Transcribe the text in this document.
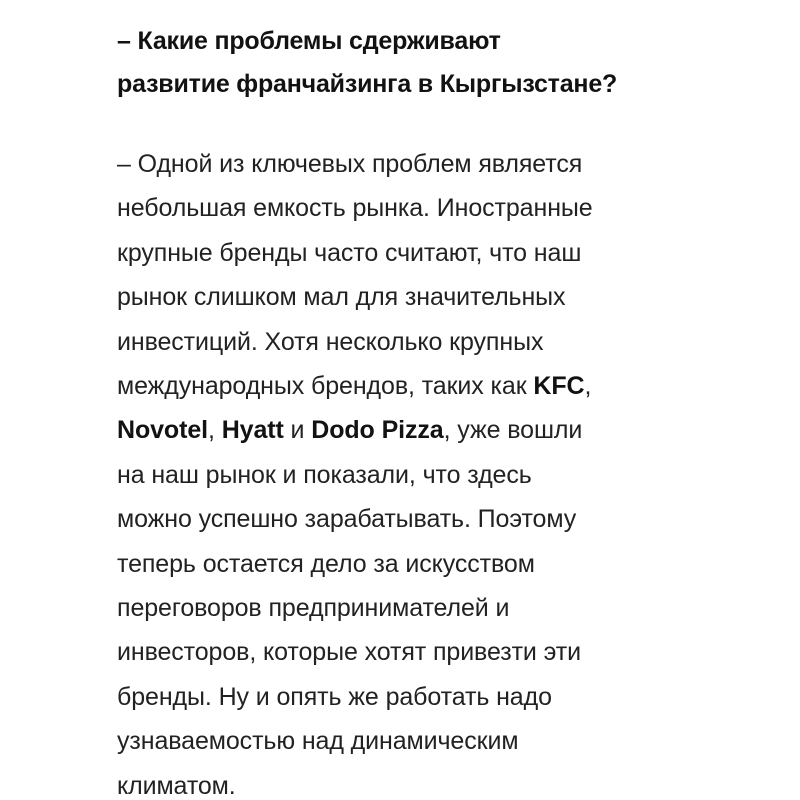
– Какие проблемы сдерживают
развитие франчайзинга в Кыргызстане?

– Одной из ключевых проблем является
небольшая емкость рынка. Иностранные
крупные бренды часто считают, что наш
рынок слишком мал для значительных
инвестиций. Хотя несколько крупных
международных брендов, таких как KFC,
Novotel, Hyatt и Dodo Pizza, уже вошли
на наш рынок и показали, что здесь
можно успешно зарабатывать. Поэтому
теперь остается дело за искусством
переговоров предпринимателей и
инвесторов, которые хотят привезти эти
бренды. Ну и опять же работать надо
узнаваемостью над динамическим
климатом.
